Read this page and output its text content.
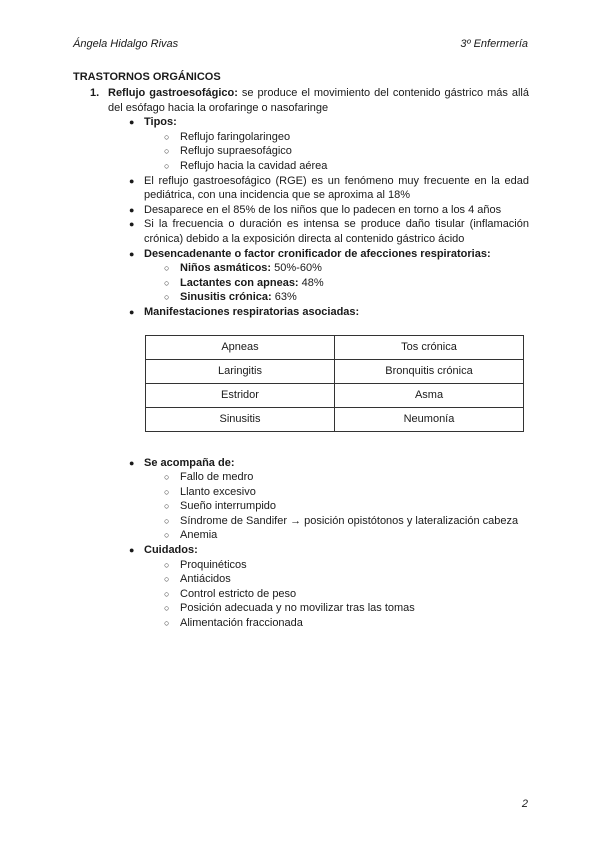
Ángela Hidalgo Rivas	3º Enfermería
TRASTORNOS ORGÁNICOS
1. Reflujo gastroesofágico: se produce el movimiento del contenido gástrico más allá del esófago hacia la orofaringe o nasofaringe
● Tipos:
○ Reflujo faringolaringeo
○ Reflujo supraesofágico
○ Reflujo hacia la cavidad aérea
● El reflujo gastroesofágico (RGE) es un fenómeno muy frecuente en la edad pediátrica, con una incidencia que se aproxima al 18%
● Desaparece en el 85% de los niños que lo padecen en torno a los 4 años
● Si la frecuencia o duración es intensa se produce daño tisular (inflamación crónica) debido a la exposición directa al contenido gástrico ácido
● Desencadenante o factor cronificador de afecciones respiratorias:
○ Niños asmáticos: 50%-60%
○ Lactantes con apneas: 48%
○ Sinusitis crónica: 63%
● Manifestaciones respiratorias asociadas:
Apneas	Tos crónica
Laringitis	Bronquitis crónica
Estridor	Asma
Sinusitis	Neumonía
● Se acompaña de:
○ Fallo de medro
○ Llanto excesivo
○ Sueño interrumpido
○ Síndrome de Sandifer → posición opistótonos y lateralización cabeza
○ Anemia
● Cuidados:
○ Proquinéticos
○ Antiácidos
○ Control estricto de peso
○ Posición adecuada y no movilizar tras las tomas
○ Alimentación fraccionada
2
